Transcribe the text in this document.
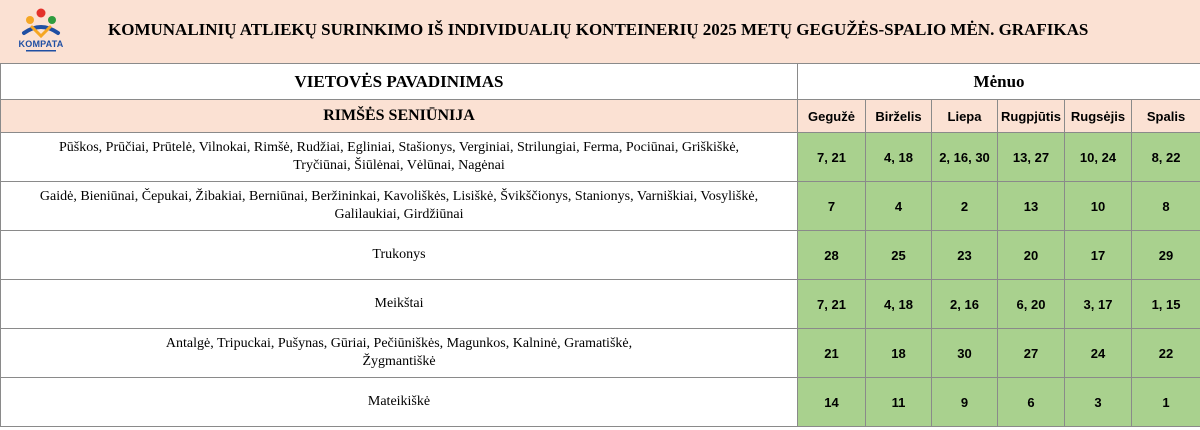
KOMPATA
KOMUNALINIŲ ATLIEKŲ SURINKIMO IŠ INDIVIDUALIŲ KONTEINERIŲ 2025 METŲ GEGUŽĖS-SPALIO MĖN. GRAFIKAS
VIETOVĖS PAVADINIMAS	Mėnuo					
RIMŠĖS SENIŪNIJA	Gegužė	Birželis	Liepa	Rugpjūtis	Rugsėjis	Spalis
Pūškos, Prūčiai, Prūtelė, Vilnokai, Rimšė, Rudžiai, Egliniai, Stašionys, Verginiai, Strilungiai, Ferma, Pociūnai, Griškiškė,
Tryčiūnai, Šiūlėnai, Vėlūnai, Nagėnai	7, 21	4, 18	2, 16, 30	13, 27	10, 24	8, 22
Gaidė, Bieniūnai, Čepukai, Žibakiai, Berniūnai, Beržininkai, Kavoliškės, Lisiškė, Švikščionys, Stanionys, Varniškiai, Vosyliškė,
Galilaukiai, Girdžiūnai	7	4	2	13	10	8
Trukonys	28	25	23	20	17	29
Meikštai	7, 21	4, 18	2, 16	6, 20	3, 17	1, 15
Antalgė, Tripuckai, Pušynas, Gūriai, Pečiūniškės, Magunkos, Kalninė, Gramatiškė,
Žygmantiškė	21	18	30	27	24	22
Mateikiškė	14	11	9	6	3	1
